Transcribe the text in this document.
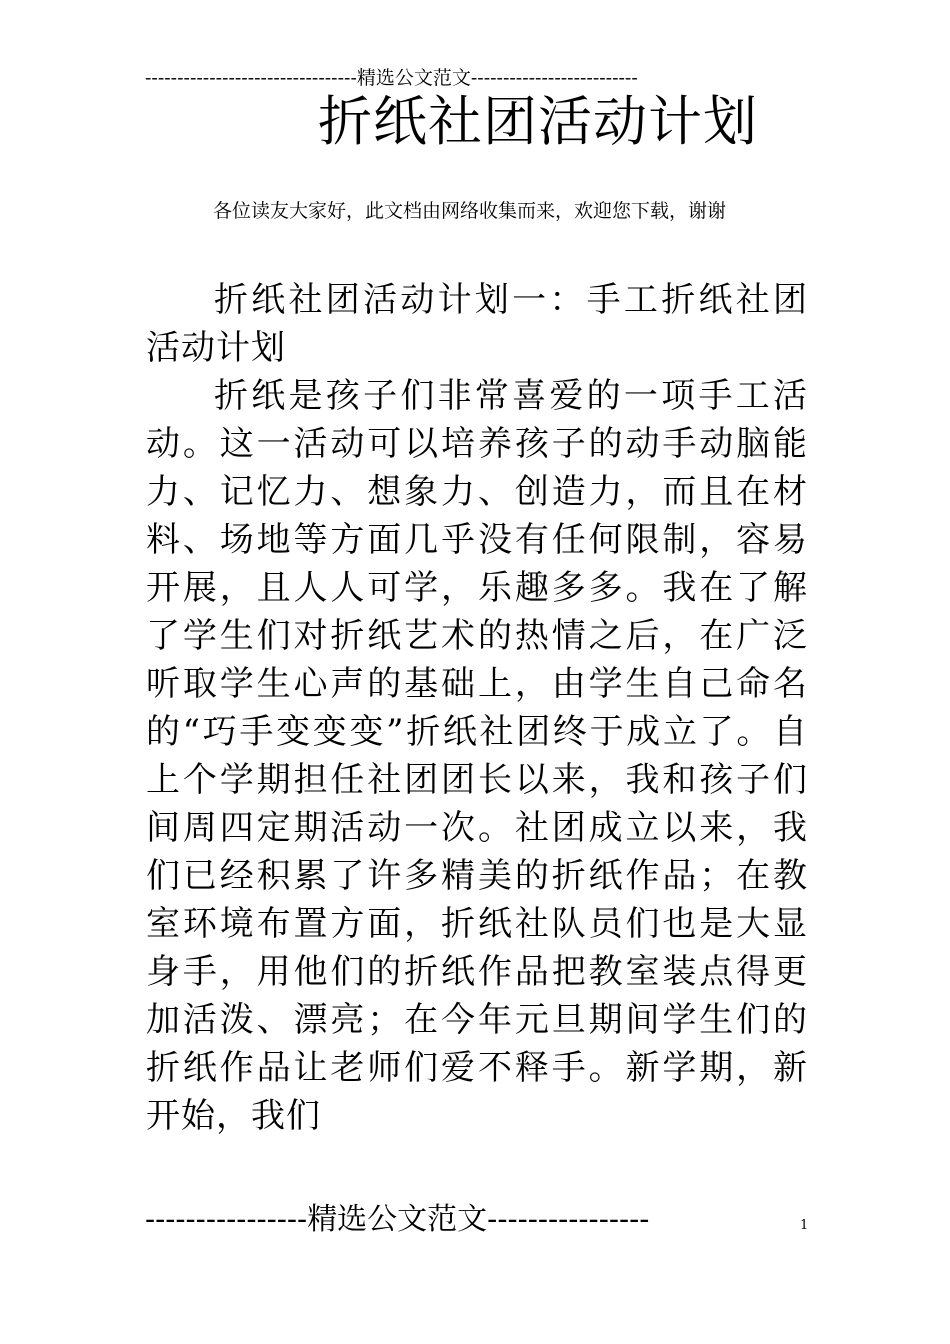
---------------------------------精选公文范文--------------------------
折纸社团活动计划
各位读友大家好，此文档由网络收集而来，欢迎您下载，谢谢

折纸社团活动计划一：手工折纸社团活动计划

折纸是孩子们非常喜爱的一项手工活动。这一活动可以培养孩子的动手动脑能力、记忆力、想象力、创造力，而且在材料、场地等方面几乎没有任何限制，容易开展，且人人可学，乐趣多多。我在了解了学生们对折纸艺术的热情之后，在广泛听取学生心声的基础上，由学生自己命名的“巧手变变变”折纸社团终于成立了。自上个学期担任社团团长以来，我和孩子们间周四定期活动一次。社团成立以来，我们已经积累了许多精美的折纸作品；在教室环境布置方面，折纸社队员们也是大显身手，用他们的折纸作品把教室装点得更加活泼、漂亮；在今年元旦期间学生们的折纸作品让老师们爱不释手。新学期，新开始，我们

----------------精选公文范文----------------	1
